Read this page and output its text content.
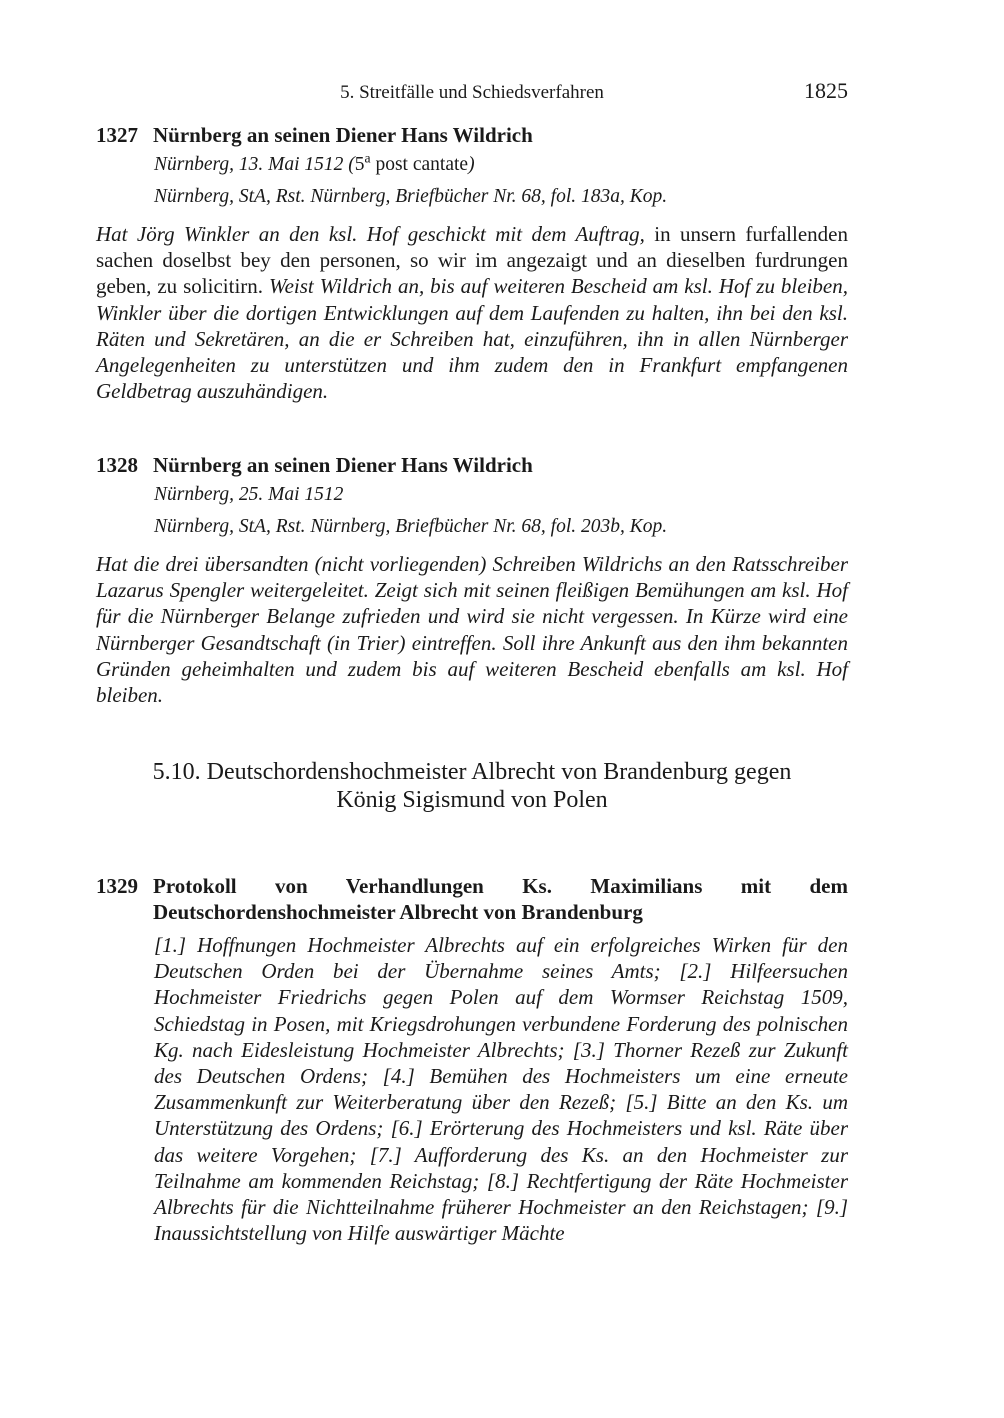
5. Streitfälle und Schiedsverfahren	1825
1327 Nürnberg an seinen Diener Hans Wildrich
Nürnberg, 13. Mai 1512 (5$^a$ post cantate)
Nürnberg, StA, Rst. Nürnberg, Briefbücher Nr. 68, fol. 183a, Kop.

Hat Jörg Winkler an den ksl. Hof geschickt mit dem Auftrag, in unsern furfallenden sachen doselbst bey den personen, so wir im angezaigt und an dieselben furdrungen geben, zu solicitirn. Weist Wildrich an, bis auf weiteren Bescheid am ksl. Hof zu bleiben, Winkler über die dortigen Entwicklungen auf dem Laufenden zu halten, ihn bei den ksl. Räten und Sekretären, an die er Schreiben hat, einzuführen, ihn in allen Nürnberger Angelegenheiten zu unterstützen und ihm zudem den in Frankfurt empfangenen Geldbetrag auszuhändigen.

1328 Nürnberg an seinen Diener Hans Wildrich
Nürnberg, 25. Mai 1512
Nürnberg, StA, Rst. Nürnberg, Briefbücher Nr. 68, fol. 203b, Kop.

Hat die drei übersandten (nicht vorliegenden) Schreiben Wildrichs an den Ratsschreiber Lazarus Spengler weitergeleitet. Zeigt sich mit seinen fleißigen Bemühungen am ksl. Hof für die Nürnberger Belange zufrieden und wird sie nicht vergessen. In Kürze wird eine Nürnberger Gesandtschaft (in Trier) eintreffen. Soll ihre Ankunft aus den ihm bekannten Gründen geheimhalten und zudem bis auf weiteren Bescheid ebenfalls am ksl. Hof bleiben.

5.10. Deutschordenshochmeister Albrecht von Brandenburg gegen
König Sigismund von Polen
1329 Protokoll von Verhandlungen Ks. Maximilians mit dem Deutschordenshochmeister Albrecht von Brandenburg

[1.] Hoffnungen Hochmeister Albrechts auf ein erfolgreiches Wirken für den Deutschen Orden bei der Übernahme seines Amts; [2.] Hilfeersuchen Hochmeister Friedrichs gegen Polen auf dem Wormser Reichstag 1509, Schiedstag in Posen, mit Kriegsdrohungen verbundene Forderung des polnischen Kg. nach Eidesleistung Hochmeister Albrechts; [3.] Thorner Rezeß zur Zukunft des Deutschen Ordens; [4.] Bemühen des Hochmeisters um eine erneute Zusammenkunft zur Weiterberatung über den Rezeß; [5.] Bitte an den Ks. um Unterstützung des Ordens; [6.] Erörterung des Hochmeisters und ksl. Räte über das weitere Vorgehen; [7.] Aufforderung des Ks. an den Hochmeister zur Teilnahme am kommenden Reichstag; [8.] Rechtfertigung der Räte Hochmeister Albrechts für die Nichtteilnahme früherer Hochmeister an den Reichstagen; [9.] Inaussichtstellung von Hilfe auswärtiger Mächte
